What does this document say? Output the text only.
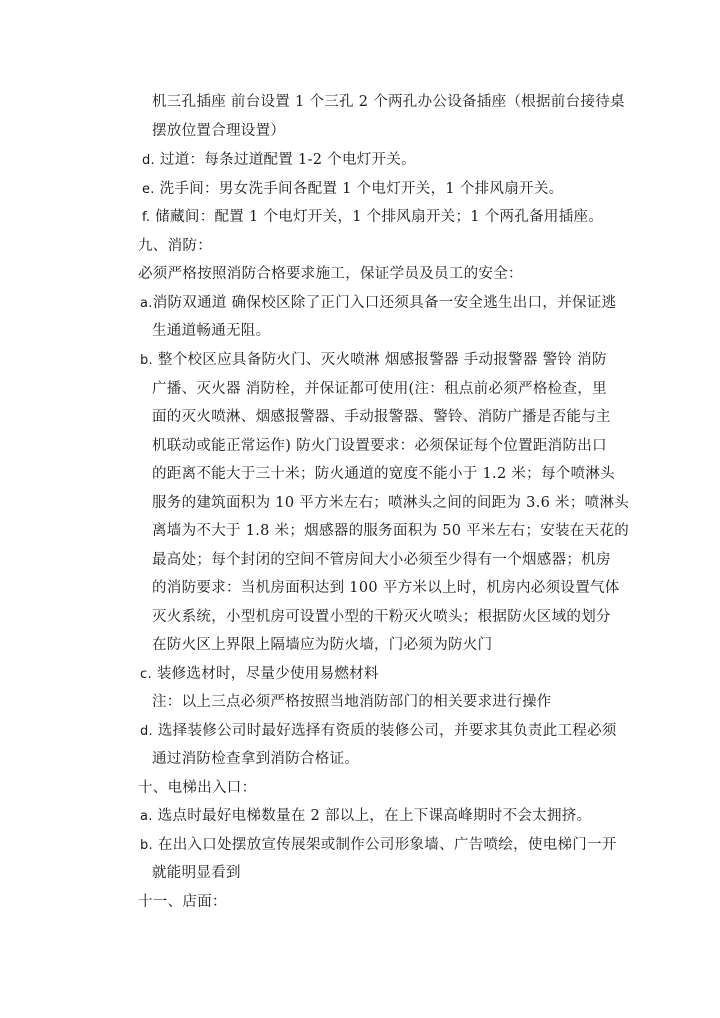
机三孔插座 前台设置 1 个三孔 2 个两孔办公设备插座（根据前台接待桌
摆放位置合理设置）
d. 过道：每条过道配置 1-2 个电灯开关。
e. 洗手间：男女洗手间各配置 1 个电灯开关，1 个排风扇开关。
f. 储藏间：配置 1 个电灯开关，1 个排风扇开关；1 个两孔备用插座。
九、消防：
必须严格按照消防合格要求施工，保证学员及员工的安全：
a.消防双通道 确保校区除了正门入口还须具备一安全逃生出口，并保证逃
生通道畅通无阻。
b. 整个校区应具备防火门、灭火喷淋 烟感报警器 手动报警器 警铃 消防
广播、灭火器 消防栓，并保证都可使用(注：租点前必须严格检查，里
面的灭火喷淋、烟感报警器、手动报警器、警铃、消防广播是否能与主
机联动或能正常运作) 防火门设置要求：必须保证每个位置距消防出口
的距离不能大于三十米；防火通道的宽度不能小于 1.2 米；每个喷淋头
服务的建筑面积为 10 平方米左右；喷淋头之间的间距为 3.6 米；喷淋头
离墙为不大于 1.8 米；烟感器的服务面积为 50 平米左右；安装在天花的
最高处；每个封闭的空间不管房间大小必须至少得有一个烟感器；机房
的消防要求：当机房面积达到 100 平方米以上时，机房内必须设置气体
灭火系统，小型机房可设置小型的干粉灭火喷头；根据防火区域的划分
在防火区上界限上隔墙应为防火墙，门必须为防火门
c. 装修选材时，尽量少使用易燃材料
注：以上三点必须严格按照当地消防部门的相关要求进行操作
d. 选择装修公司时最好选择有资质的装修公司，并要求其负责此工程必须
通过消防检查拿到消防合格证。
十、电梯出入口：
a. 选点时最好电梯数量在 2 部以上，在上下课高峰期时不会太拥挤。
b. 在出入口处摆放宣传展架或制作公司形象墙、广告喷绘，使电梯门一开
就能明显看到
十一、店面：
